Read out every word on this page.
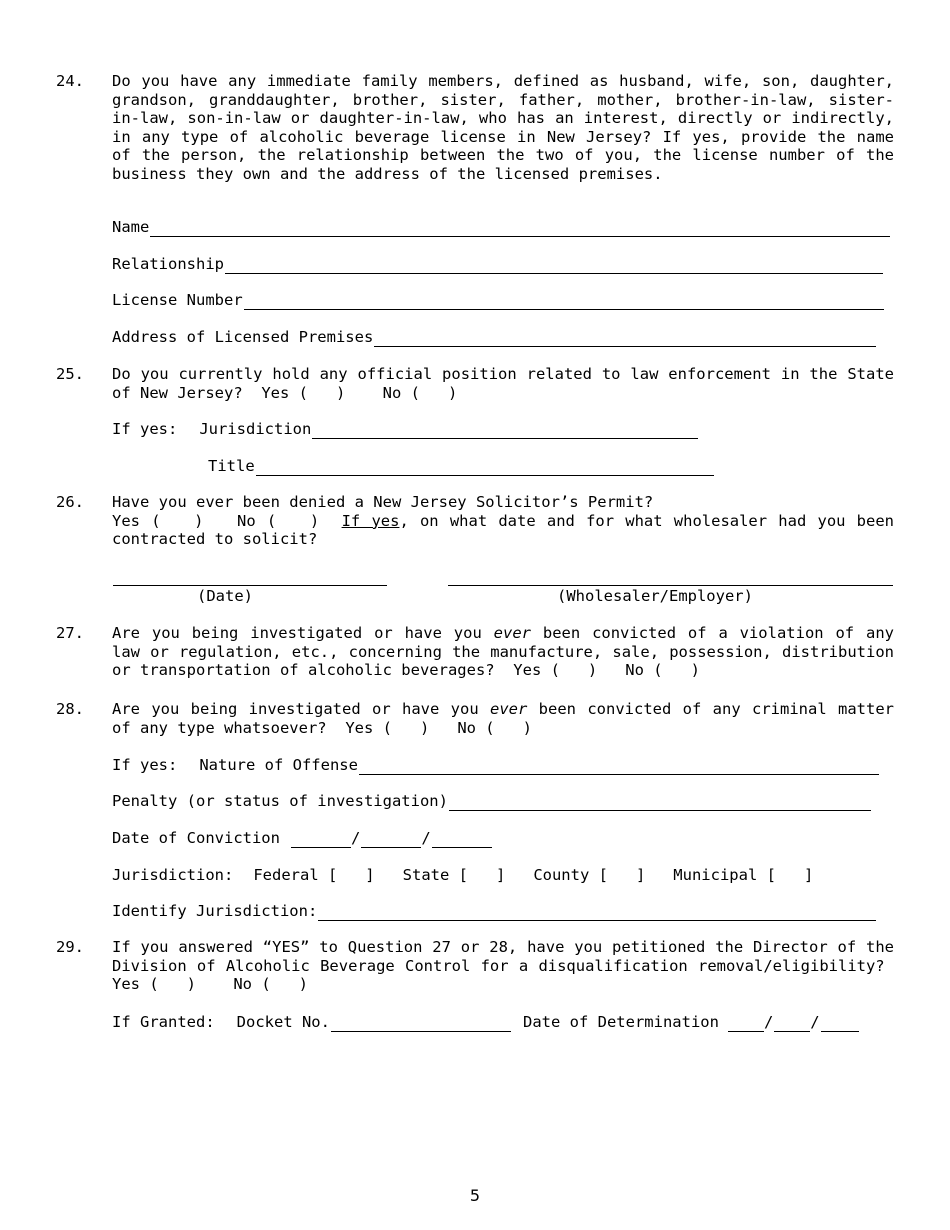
24.	Do you have any immediate family members, defined as husband, wife, son, daughter, grandson, granddaughter, brother, sister, father, mother, brother-in-law, sister-in-law, son-in-law or daughter-in-law, who has an interest, directly or indirectly, in any type of alcoholic beverage license in New Jersey? If yes, provide the name of the person, the relationship between the two of you, the license number of the business they own and the address of the licensed premises.
Name
Relationship
License Number
Address of Licensed Premises
25.	Do you currently hold any official position related to law enforcement in the State of New Jersey? Yes (   ) No (   )
If yes: Jurisdiction
Title
26.	Have you ever been denied a New Jersey Solicitor’s Permit?
Yes (   ) No (   ) If yes, on what date and for what wholesaler had you been contracted to solicit?
(Date)	(Wholesaler/Employer)
27.	Are you being investigated or have you ever been convicted of a violation of any law or regulation, etc., concerning the manufacture, sale, possession, distribution or transportation of alcoholic beverages? Yes (   ) No (   )
28.	Are you being investigated or have you ever been convicted of any criminal matter of any type whatsoever? Yes (   ) No (   )
If yes: Nature of Offense
Penalty (or status of investigation)
Date of Conviction	/	/
Jurisdiction: Federal [   ] State [   ] County [   ] Municipal [   ]
Identify Jurisdiction:
29.	If you answered “YES” to Question 27 or 28, have you petitioned the Director of the Division of Alcoholic Beverage Control for a disqualification removal/eligibility?  Yes (   ) No (   )
If Granted: Docket No.	Date of Determination	/ /
5
